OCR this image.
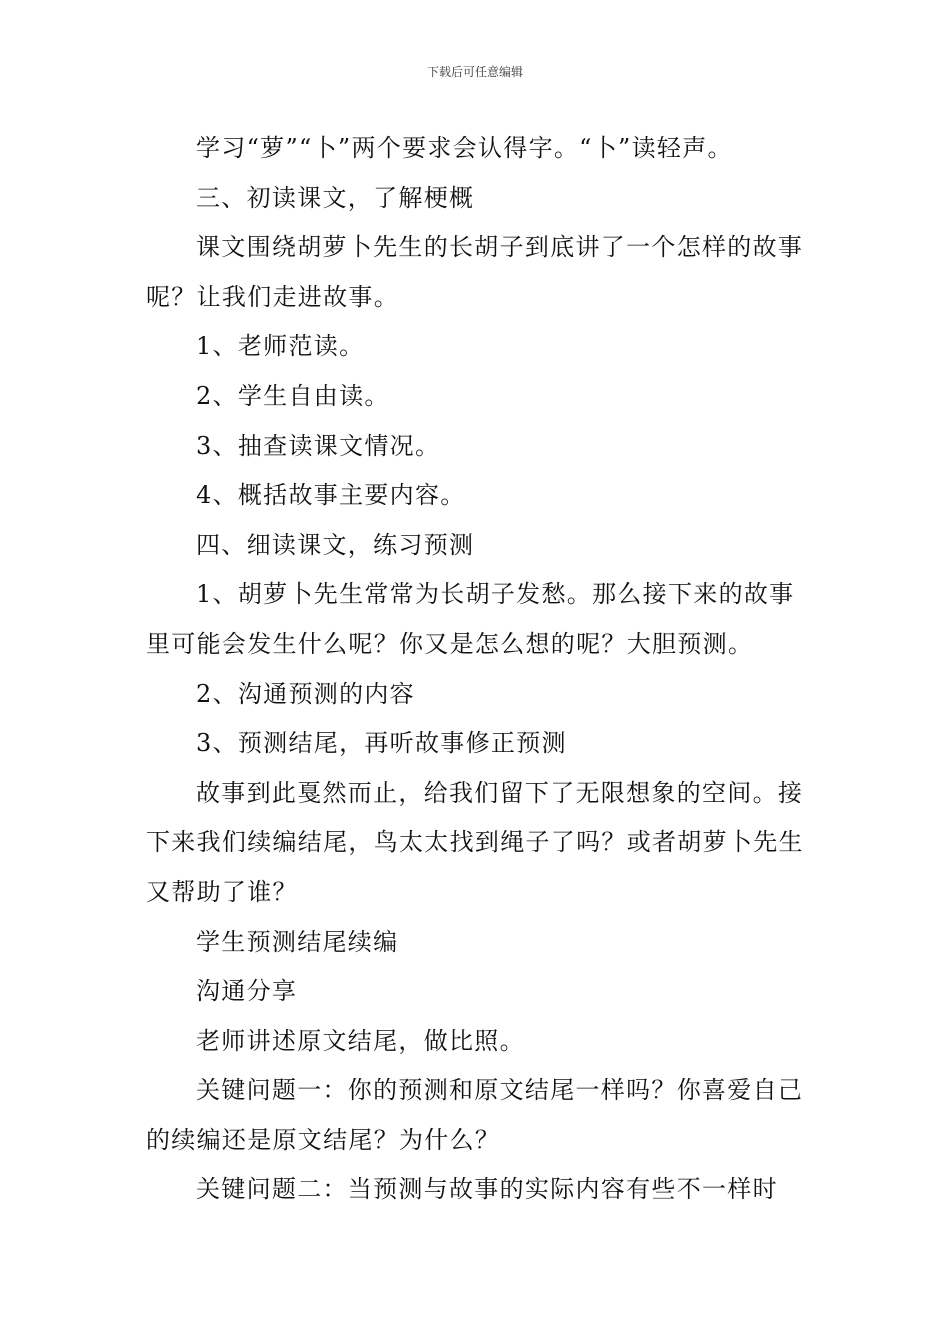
下载后可任意编辑

学习“萝”“卜”两个要求会认得字。“卜”读轻声。

三、初读课文，了解梗概

课文围绕胡萝卜先生的长胡子到底讲了一个怎样的故事呢？让我们走进故事。

1、老师范读。

2、学生自由读。

3、抽查读课文情况。

4、概括故事主要内容。

四、细读课文，练习预测

1、胡萝卜先生常常为长胡子发愁。那么接下来的故事里可能会发生什么呢？你又是怎么想的呢？大胆预测。

2、沟通预测的内容

3、预测结尾，再听故事修正预测

故事到此戛然而止，给我们留下了无限想象的空间。接下来我们续编结尾，鸟太太找到绳子了吗？或者胡萝卜先生又帮助了谁？

学生预测结尾续编

沟通分享

老师讲述原文结尾，做比照。

关键问题一：你的预测和原文结尾一样吗？你喜爱自己的续编还是原文结尾？为什么？

关键问题二：当预测与故事的实际内容有些不一样时
